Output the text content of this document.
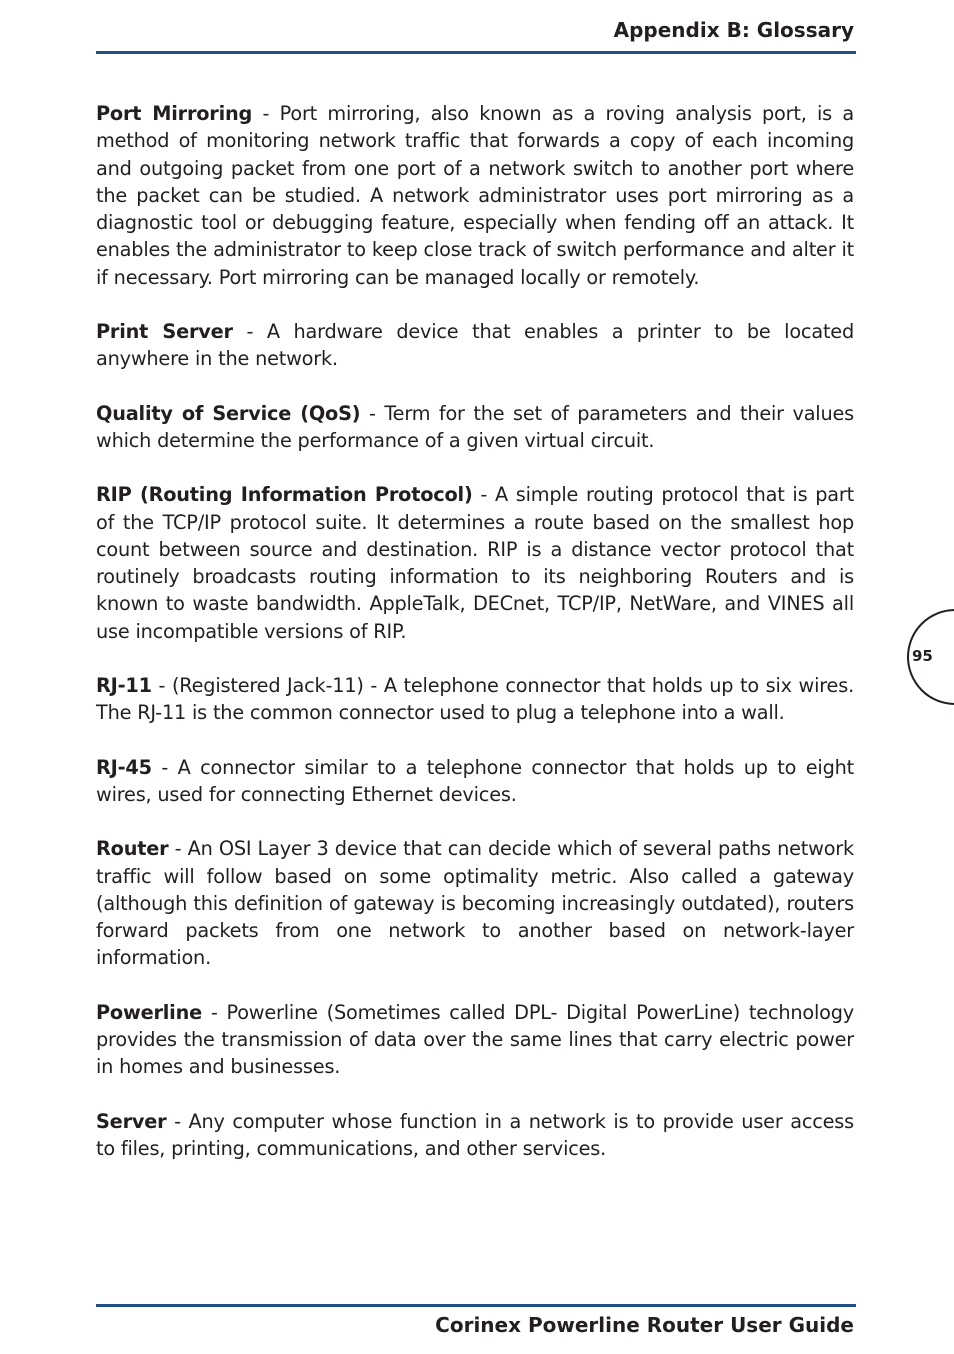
Appendix B: Glossary

Port Mirroring - Port mirroring, also known as a roving analysis port, is a method of monitoring network traffic that forwards a copy of each incoming and outgoing packet from one port of a network switch to another port where the packet can be studied. A network administrator uses port mirroring as a diagnostic tool or debugging feature, especially when fending off an attack. It enables the administrator to keep close track of switch performance and alter it if necessary. Port mirroring can be managed locally or remotely.

Print Server - A hardware device that enables a printer to be located anywhere in the network.

Quality of Service (QoS) - Term for the set of parameters and their values which determine the performance of a given virtual circuit.

RIP (Routing Information Protocol) - A simple routing protocol that is part of the TCP/IP protocol suite. It determines a route based on the smallest hop count between source and destination. RIP is a distance vector protocol that routinely broadcasts routing information to its neighboring Routers and is known to waste bandwidth. AppleTalk, DECnet, TCP/IP, NetWare, and VINES all use incompatible versions of RIP.

RJ-11 - (Registered Jack-11) - A telephone connector that holds up to six wires. The RJ-11 is the common connector used to plug a telephone into a wall.

RJ-45 - A connector similar to a telephone connector that holds up to eight wires, used for connecting Ethernet devices.

Router - An OSI Layer 3 device that can decide which of several paths network traffic will follow based on some optimality metric. Also called a gateway (although this definition of gateway is becoming increasingly outdated), routers forward packets from one network to another based on network-layer information.

Powerline - Powerline (Sometimes called DPL- Digital PowerLine) technology provides the transmission of data over the same lines that carry electric power in homes and businesses.

Server - Any computer whose function in a network is to provide user access to files, printing, communications, and other services.

95
Corinex Powerline Router User Guide
